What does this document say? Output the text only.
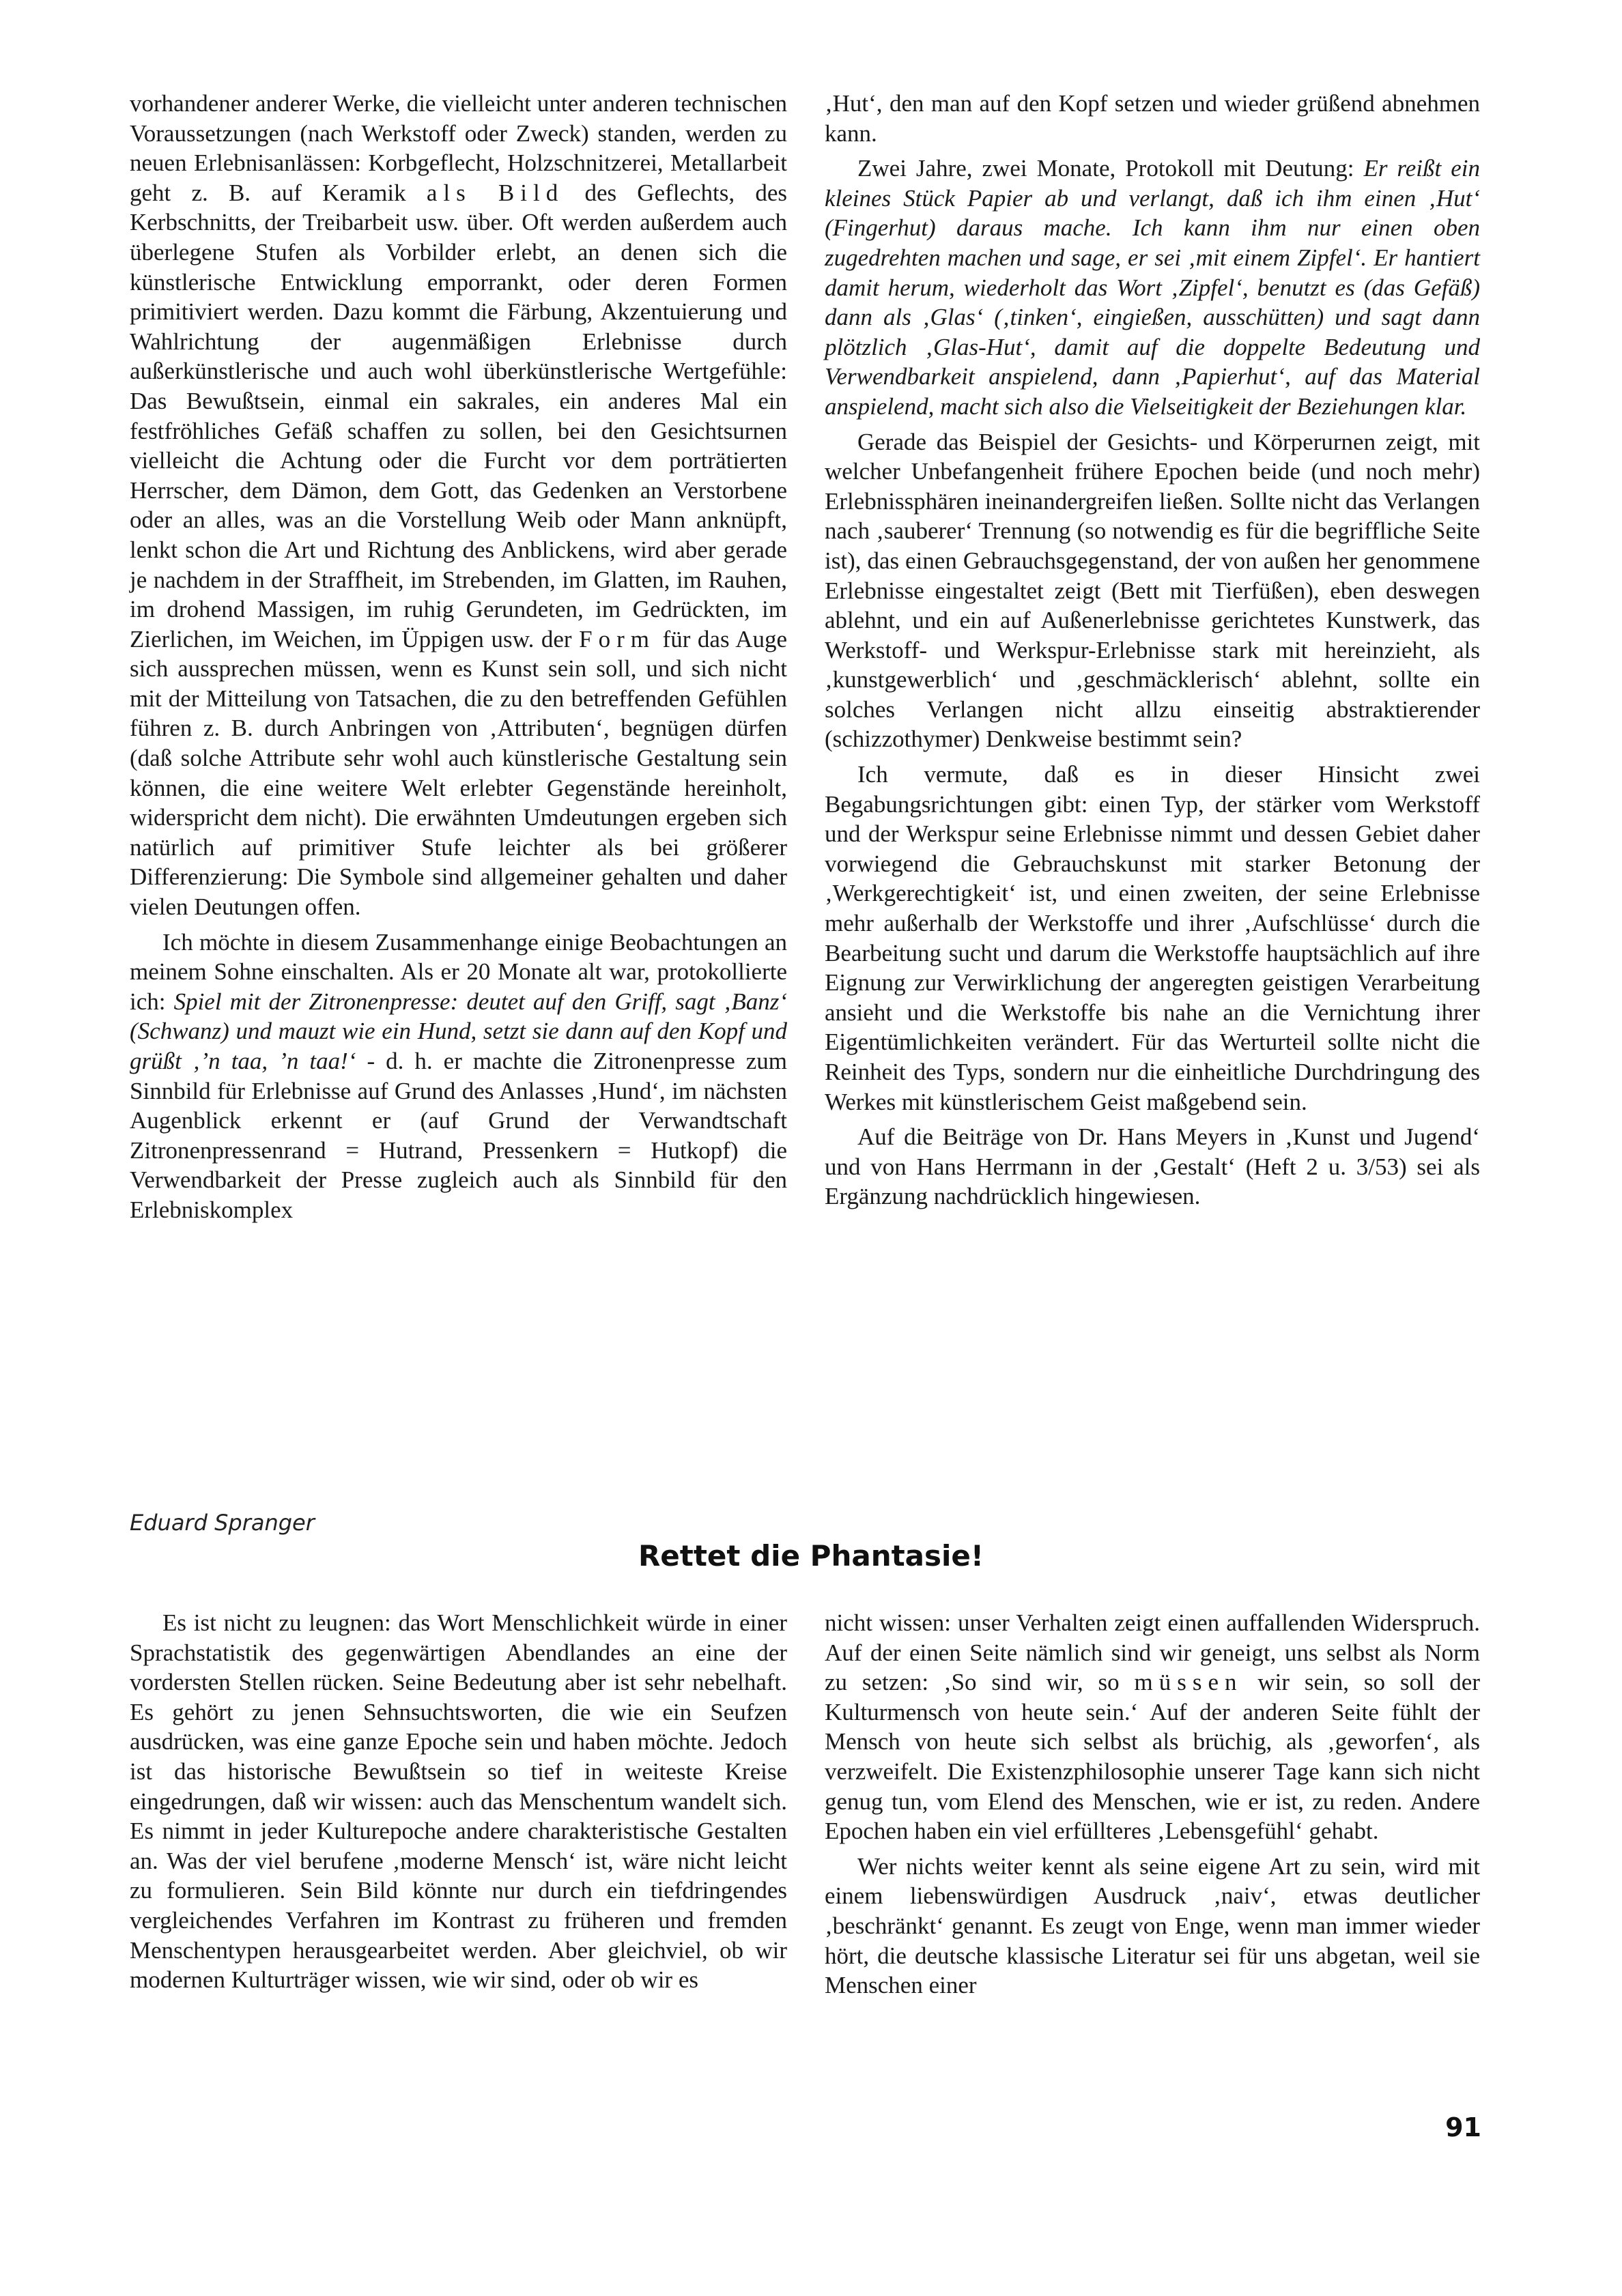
vorhandener anderer Werke, die vielleicht unter anderen technischen Voraussetzungen (nach Werkstoff oder Zweck) standen, werden zu neuen Erlebnisanlässen: Korbgeflecht, Holzschnitzerei, Metallarbeit geht z. B. auf Keramik als Bild des Geflechts, des Kerbschnitts, der Treibarbeit usw. über. Oft werden außerdem auch überlegene Stufen als Vorbilder erlebt, an denen sich die künstlerische Entwicklung emporrankt, oder deren Formen primitiviert werden. Dazu kommt die Färbung, Akzentuierung und Wahlrichtung der augenmäßigen Erlebnisse durch außerkünstlerische und auch wohl überkünstlerische Wertgefühle: Das Bewußtsein, einmal ein sakrales, ein anderes Mal ein festfröhliches Gefäß schaffen zu sollen, bei den Gesichtsurnen vielleicht die Achtung oder die Furcht vor dem porträtierten Herrscher, dem Dämon, dem Gott, das Gedenken an Verstorbene oder an alles, was an die Vorstellung Weib oder Mann anknüpft, lenkt schon die Art und Richtung des Anblickens, wird aber gerade je nachdem in der Straffheit, im Strebenden, im Glatten, im Rauhen, im drohend Massigen, im ruhig Gerundeten, im Gedrückten, im Zierlichen, im Weichen, im Üppigen usw. der Form für das Auge sich aussprechen müssen, wenn es Kunst sein soll, und sich nicht mit der Mitteilung von Tatsachen, die zu den betreffenden Gefühlen führen z. B. durch Anbringen von ‚Attributen‘, begnügen dürfen (daß solche Attribute sehr wohl auch künstlerische Gestaltung sein können, die eine weitere Welt erlebter Gegenstände hereinholt, widerspricht dem nicht). Die erwähnten Umdeutungen ergeben sich natürlich auf primitiver Stufe leichter als bei größerer Differenzierung: Die Symbole sind allgemeiner gehalten und daher vielen Deutungen offen.

Ich möchte in diesem Zusammenhange einige Beobachtungen an meinem Sohne einschalten. Als er 20 Monate alt war, protokollierte ich: Spiel mit der Zitronenpresse: deutet auf den Griff, sagt ‚Banz‘ (Schwanz) und mauzt wie ein Hund, setzt sie dann auf den Kopf und grüßt ‚’n taa, ’n taa!‘ - d. h. er machte die Zitronenpresse zum Sinnbild für Erlebnisse auf Grund des Anlasses ‚Hund‘, im nächsten Augenblick erkennt er (auf Grund der Verwandtschaft Zitronenpressenrand = Hutrand, Pressenkern = Hutkopf) die Verwendbarkeit der Presse zugleich auch als Sinnbild für den Erlebniskomplex

‚Hut‘, den man auf den Kopf setzen und wieder grüßend abnehmen kann.

Zwei Jahre, zwei Monate, Protokoll mit Deutung: Er reißt ein kleines Stück Papier ab und verlangt, daß ich ihm einen ‚Hut‘ (Fingerhut) daraus mache. Ich kann ihm nur einen oben zugedrehten machen und sage, er sei ‚mit einem Zipfel‘. Er hantiert damit herum, wiederholt das Wort ‚Zipfel‘, benutzt es (das Gefäß) dann als ‚Glas‘ (‚tinken‘, eingießen, ausschütten) und sagt dann plötzlich ‚Glas-Hut‘, damit auf die doppelte Bedeutung und Verwendbarkeit anspielend, dann ‚Papierhut‘, auf das Material anspielend, macht sich also die Vielseitigkeit der Beziehungen klar.

Gerade das Beispiel der Gesichts- und Körperurnen zeigt, mit welcher Unbefangenheit frühere Epochen beide (und noch mehr) Erlebnissphären ineinandergreifen ließen. Sollte nicht das Verlangen nach ‚sauberer‘ Trennung (so notwendig es für die begriffliche Seite ist), das einen Gebrauchsgegenstand, der von außen her genommene Erlebnisse eingestaltet zeigt (Bett mit Tierfüßen), eben deswegen ablehnt, und ein auf Außenerlebnisse gerichtetes Kunstwerk, das Werkstoff- und Werkspur-Erlebnisse stark mit hereinzieht, als ‚kunstgewerblich‘ und ‚geschmäcklerisch‘ ablehnt, sollte ein solches Verlangen nicht allzu einseitig abstraktierender (schizzothymer) Denkweise bestimmt sein?

Ich vermute, daß es in dieser Hinsicht zwei Begabungsrichtungen gibt: einen Typ, der stärker vom Werkstoff und der Werkspur seine Erlebnisse nimmt und dessen Gebiet daher vorwiegend die Gebrauchskunst mit starker Betonung der ‚Werkgerechtigkeit‘ ist, und einen zweiten, der seine Erlebnisse mehr außerhalb der Werkstoffe und ihrer ‚Aufschlüsse‘ durch die Bearbeitung sucht und darum die Werkstoffe hauptsächlich auf ihre Eignung zur Verwirklichung der angeregten geistigen Verarbeitung ansieht und die Werkstoffe bis nahe an die Vernichtung ihrer Eigentümlichkeiten verändert. Für das Werturteil sollte nicht die Reinheit des Typs, sondern nur die einheitliche Durchdringung des Werkes mit künstlerischem Geist maßgebend sein.

Auf die Beiträge von Dr. Hans Meyers in ‚Kunst und Jugend‘ und von Hans Herrmann in der ‚Gestalt‘ (Heft 2 u. 3/53) sei als Ergänzung nachdrücklich hingewiesen.

Eduard Spranger
Rettet die Phantasie!

Es ist nicht zu leugnen: das Wort Menschlichkeit würde in einer Sprachstatistik des gegenwärtigen Abendlandes an eine der vordersten Stellen rücken. Seine Bedeutung aber ist sehr nebelhaft. Es gehört zu jenen Sehnsuchtsworten, die wie ein Seufzen ausdrücken, was eine ganze Epoche sein und haben möchte. Jedoch ist das historische Bewußtsein so tief in weiteste Kreise eingedrungen, daß wir wissen: auch das Menschentum wandelt sich. Es nimmt in jeder Kulturepoche andere charakteristische Gestalten an. Was der viel berufene ‚moderne Mensch‘ ist, wäre nicht leicht zu formulieren. Sein Bild könnte nur durch ein tiefdringendes vergleichendes Verfahren im Kontrast zu früheren und fremden Menschentypen herausgearbeitet werden. Aber gleichviel, ob wir modernen Kulturträger wissen, wie wir sind, oder ob wir es

nicht wissen: unser Verhalten zeigt einen auffallenden Widerspruch. Auf der einen Seite nämlich sind wir geneigt, uns selbst als Norm zu setzen: ‚So sind wir, so müssen wir sein, so soll der Kulturmensch von heute sein.‘ Auf der anderen Seite fühlt der Mensch von heute sich selbst als brüchig, als ‚geworfen‘, als verzweifelt. Die Existenzphilosophie unserer Tage kann sich nicht genug tun, vom Elend des Menschen, wie er ist, zu reden. Andere Epochen haben ein viel erfüllteres ‚Lebensgefühl‘ gehabt.

Wer nichts weiter kennt als seine eigene Art zu sein, wird mit einem liebenswürdigen Ausdruck ‚naiv‘, etwas deutlicher ‚beschränkt‘ genannt. Es zeugt von Enge, wenn man immer wieder hört, die deutsche klassische Literatur sei für uns abgetan, weil sie Menschen einer

91
